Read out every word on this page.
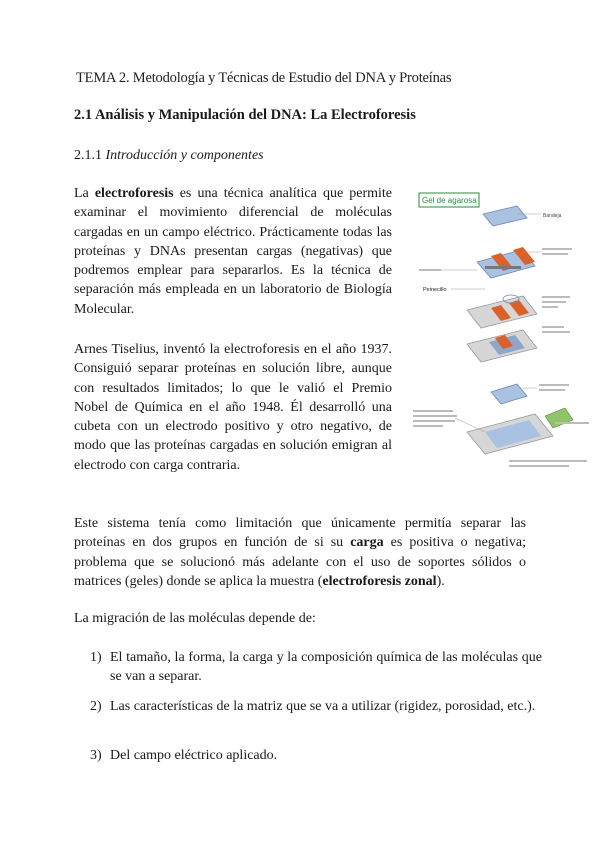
TEMA 2. Metodología y Técnicas de Estudio del DNA y Proteínas
2.1 Análisis y Manipulación del DNA: La Electroforesis
2.1.1 Introducción y componentes
La electroforesis es una técnica analítica que permite examinar el movimiento diferencial de moléculas cargadas en un campo eléctrico. Prácticamente todas las proteínas y DNAs presentan cargas (negativas) que podremos emplear para separarlos. Es la técnica de separación más empleada en un laboratorio de Biología Molecular.
Arnes Tiselius, inventó la electroforesis en el año 1937. Consiguió separar proteínas en solución libre, aunque con resultados limitados; lo que le valió el Premio Nobel de Química en el año 1948. Él desarrolló una cubeta con un electrodo positivo y otro negativo, de modo que las proteínas cargadas en solución emigran al electrodo con carga contraria.
Este sistema tenía como limitación que únicamente permitía separar las proteínas en dos grupos en función de si su carga es positiva o negativa; problema que se solucionó más adelante con el uso de soportes sólidos o matrices (geles) donde se aplica la muestra (electroforesis zonal).
La migración de las moléculas depende de:
1) El tamaño, la forma, la carga y la composición química de las moléculas que se van a separar.
2) Las características de la matriz que se va a utilizar (rigidez, porosidad, etc.).
3) Del campo eléctrico aplicado.
Gel de agarosa
Bandeja
Peinecillo
